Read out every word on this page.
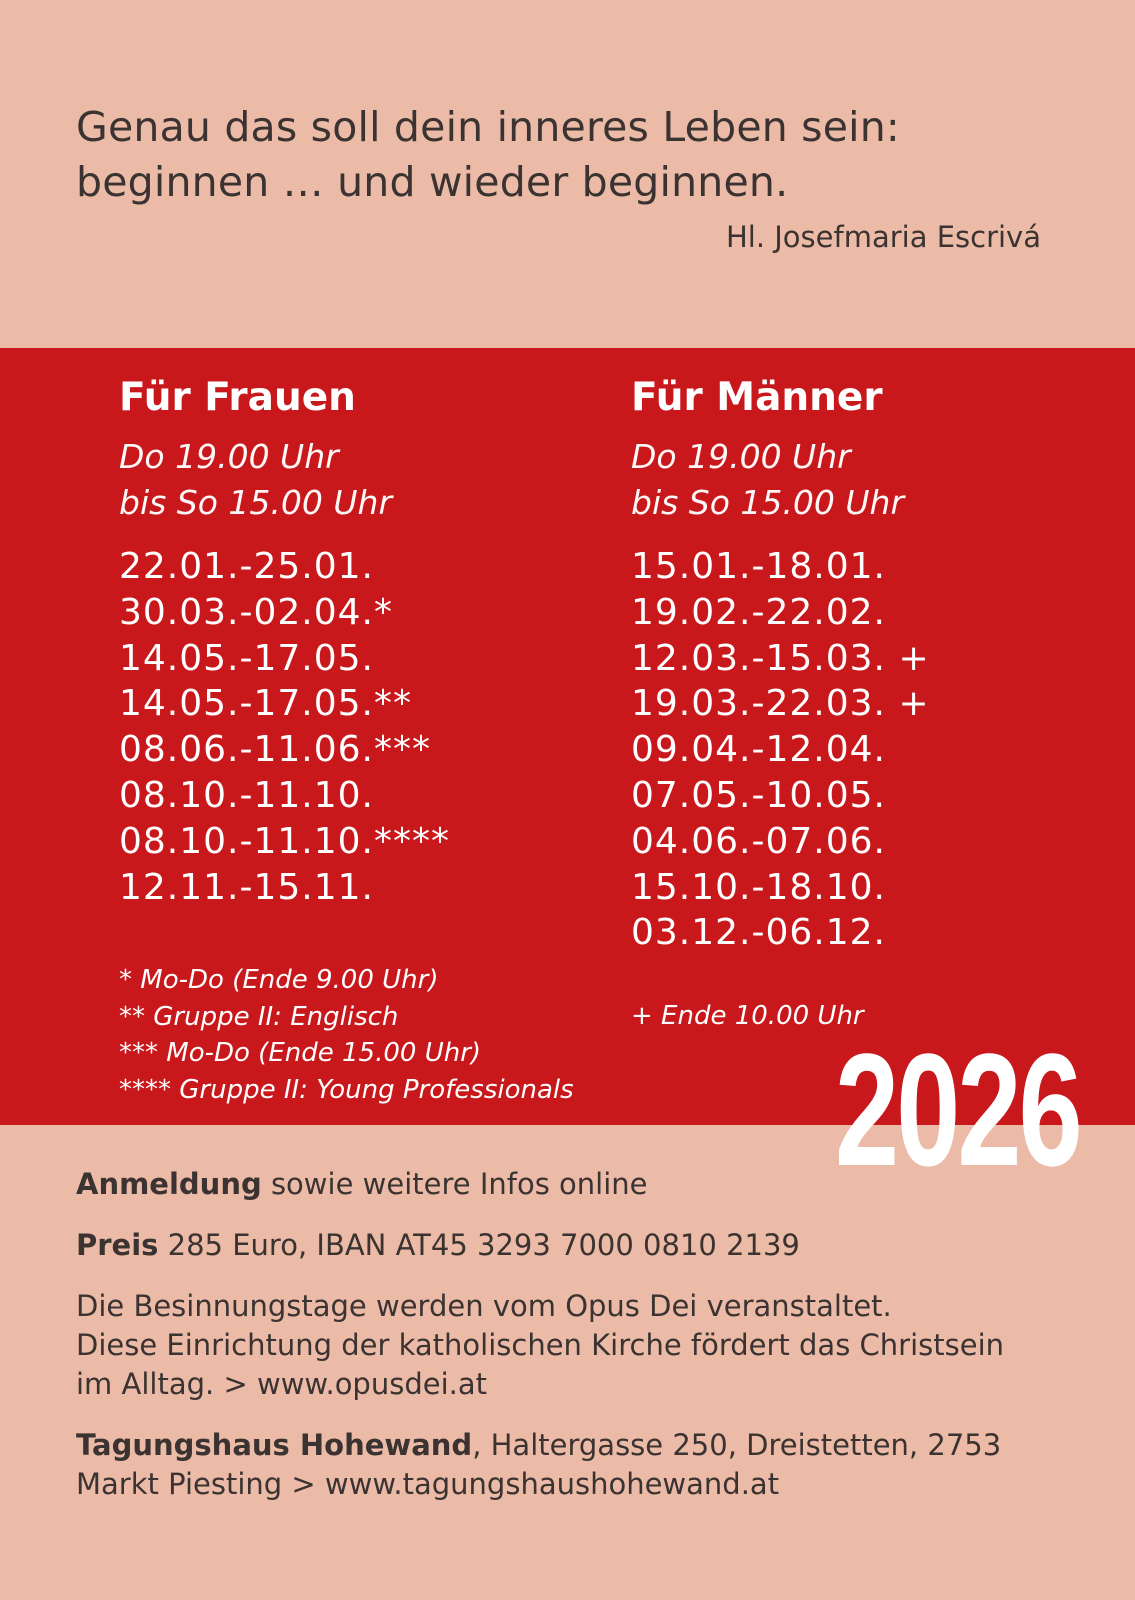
Genau das soll dein inneres Leben sein:
beginnen … und wieder beginnen.
Hl. Josefmaria Escrivá
Für Frauen
Do 19.00 Uhr
bis So 15.00 Uhr
22.01.-25.01.
30.03.-02.04.*
14.05.-17.05.
14.05.-17.05.**
08.06.-11.06.***
08.10.-11.10.
08.10.-11.10.****
12.11.-15.11.
Für Männer
Do 19.00 Uhr
bis So 15.00 Uhr
15.01.-18.01.
19.02.-22.02.
12.03.-15.03. +
19.03.-22.03. +
09.04.-12.04.
07.05.-10.05.
04.06.-07.06.
15.10.-18.10.
03.12.-06.12.
* Mo-Do (Ende 9.00 Uhr)
** Gruppe II: Englisch
*** Mo-Do (Ende 15.00 Uhr)
**** Gruppe II: Young Professionals
+ Ende 10.00 Uhr
2026
Anmeldung sowie weitere Infos online
Preis 285 Euro, IBAN AT45 3293 7000 0810 2139
Die Besinnungstage werden vom Opus Dei veranstaltet.
Diese Einrichtung der katholischen Kirche fördert das Christsein
im Alltag. > www.opusdei.at
Tagungshaus Hohewand, Haltergasse 250, Dreistetten, 2753
Markt Piesting > www.tagungshaushohewand.at
